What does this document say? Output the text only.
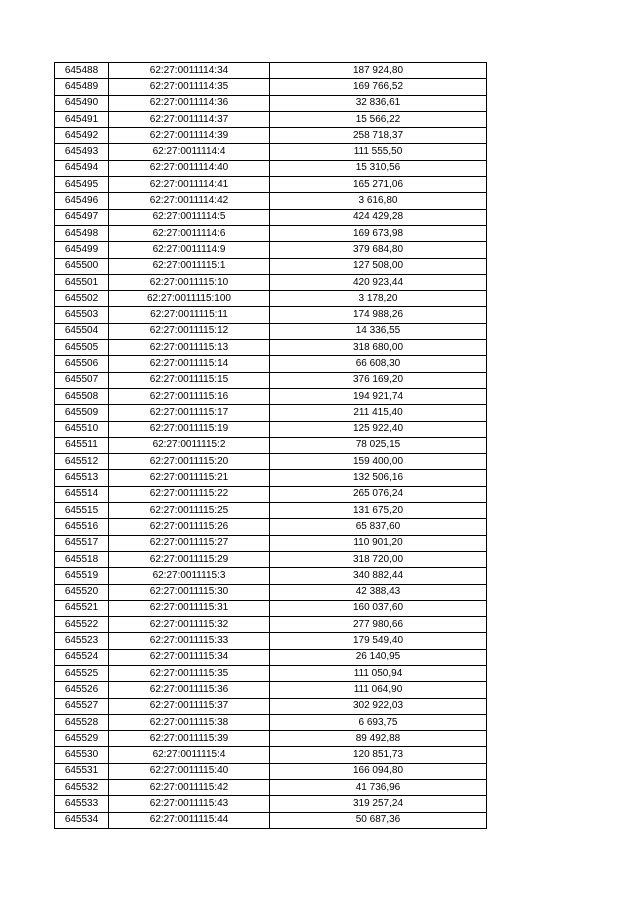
645488	62:27:0011114:34	187 924,80
645489	62:27:0011114:35	169 766,52
645490	62:27:0011114:36	32 836,61
645491	62:27:0011114:37	15 566,22
645492	62:27:0011114:39	258 718,37
645493	62:27:0011114:4	111 555,50
645494	62:27:0011114:40	15 310,56
645495	62:27:0011114:41	165 271,06
645496	62:27:0011114:42	3 616,80
645497	62:27:0011114:5	424 429,28
645498	62:27:0011114:6	169 673,98
645499	62:27:0011114:9	379 684,80
645500	62:27:0011115:1	127 508,00
645501	62:27:0011115:10	420 923,44
645502	62:27:0011115:100	3 178,20
645503	62:27:0011115:11	174 988,26
645504	62:27:0011115:12	14 336,55
645505	62:27:0011115:13	318 680,00
645506	62:27:0011115:14	66 608,30
645507	62:27:0011115:15	376 169,20
645508	62:27:0011115:16	194 921,74
645509	62:27:0011115:17	211 415,40
645510	62:27:0011115:19	125 922,40
645511	62:27:0011115:2	78 025,15
645512	62:27:0011115:20	159 400,00
645513	62:27:0011115:21	132 506,16
645514	62:27:0011115:22	265 076,24
645515	62:27:0011115:25	131 675,20
645516	62:27:0011115:26	65 837,60
645517	62:27:0011115:27	110 901,20
645518	62:27:0011115:29	318 720,00
645519	62:27:0011115:3	340 882,44
645520	62:27:0011115:30	42 388,43
645521	62:27:0011115:31	160 037,60
645522	62:27:0011115:32	277 980,66
645523	62:27:0011115:33	179 549,40
645524	62:27:0011115:34	26 140,95
645525	62:27:0011115:35	111 050,94
645526	62:27:0011115:36	111 064,90
645527	62:27:0011115:37	302 922,03
645528	62:27:0011115:38	6 693,75
645529	62:27:0011115:39	89 492,88
645530	62:27:0011115:4	120 851,73
645531	62:27:0011115:40	166 094,80
645532	62:27:0011115:42	41 736,96
645533	62:27:0011115:43	319 257,24
645534	62:27:0011115:44	50 687,36
